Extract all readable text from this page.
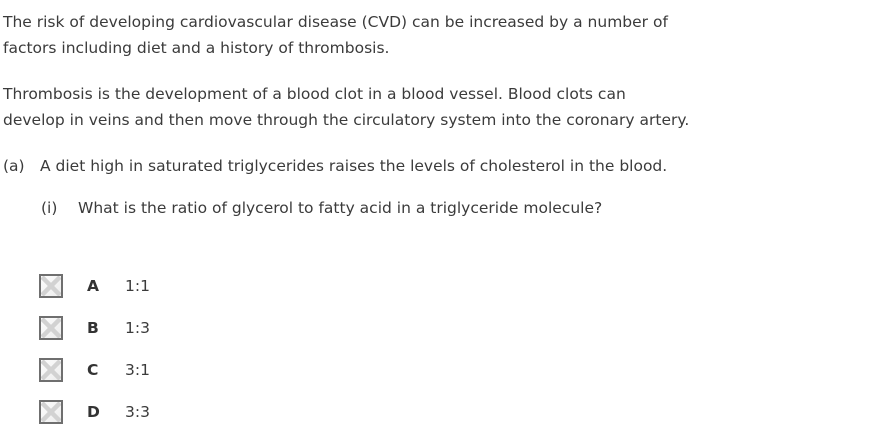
The risk of developing cardiovascular disease (CVD) can be increased by a number of
factors including diet and a history of thrombosis.
Thrombosis is the development of a blood clot in a blood vessel. Blood clots can
develop in veins and then move through the circulatory system into the coronary artery.
(a) A diet high in saturated triglycerides raises the levels of cholesterol in the blood.
(i)	What is the ratio of glycerol to fatty acid in a triglyceride molecule?
A	1:1
B	1:3
C	3:1
D	3:3
